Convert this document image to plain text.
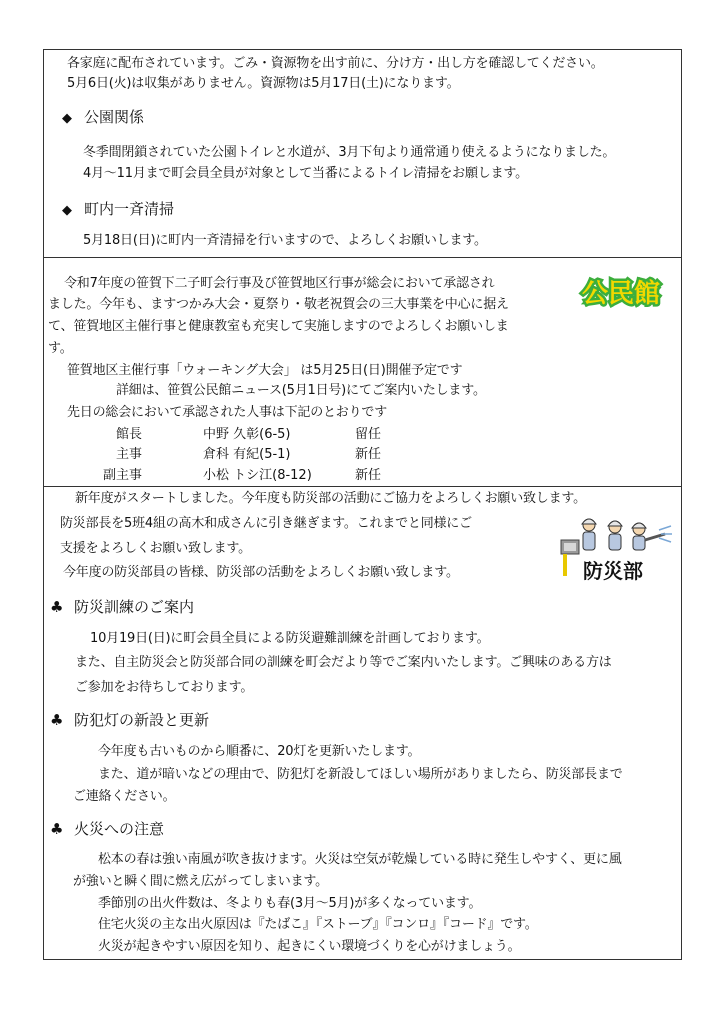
各家庭に配布されています。ごみ・資源物を出す前に、分け方・出し方を確認してください。
5月6日(火)は収集がありません。資源物は5月17日(土)になります。
◆ 公園関係
冬季間閉鎖されていた公園トイレと水道が、3月下旬より通常通り使えるようになりました。
4月～11月まで町会員全員が対象として当番によるトイレ清掃をお願します。
◆ 町内一斉清掃
5月18日(日)に町内一斉清掃を行いますので、よろしくお願いします。
令和7年度の笹賀下二子町会行事及び笹賀地区行事が総会において承認され
ました。今年も、ますつかみ大会・夏祭り・敬老祝賀会の三大事業を中心に据え
て、笹賀地区主催行事と健康教室も充実して実施しますのでよろしくお願いしま
す。
公民館
笹賀地区主催行事「ウォーキング大会」 は5月25日(日)開催予定です
詳細は、笹賀公民館ニュース(5月1日号)にてご案内いたします。
先日の総会において承認された人事は下記のとおりです
館長	中野 久彰(6-5)	留任
主事	倉科 有紀(5-1)	新任
副主事	小松 トシ江(8-12)	新任
新年度がスタートしました。今年度も防災部の活動にご協力をよろしくお願い致します。
防災部長を5班4組の高木和成さんに引き継ぎます。これまでと同様にご
支援をよろしくお願い致します。
今年度の防災部員の皆様、防災部の活動をよろしくお願い致します。	防災部
♣ 防災訓練のご案内
10月19日(日)に町会員全員による防災避難訓練を計画しております。
また、自主防災会と防災部合同の訓練を町会だより等でご案内いたします。ご興味のある方は
ご参加をお待ちしております。
♣ 防犯灯の新設と更新
今年度も古いものから順番に、20灯を更新いたします。
また、道が暗いなどの理由で、防犯灯を新設してほしい場所がありましたら、防災部長まで
ご連絡ください。
♣ 火災への注意
松本の春は強い南風が吹き抜けます。火災は空気が乾燥している時に発生しやすく、更に風
が強いと瞬く間に燃え広がってしまいます。
季節別の出火件数は、冬よりも春(3月～5月)が多くなっています。
住宅火災の主な出火原因は『たばこ』『ストーブ』『コンロ』『コード』です。
火災が起きやすい原因を知り、起きにくい環境づくりを心がけましょう。
